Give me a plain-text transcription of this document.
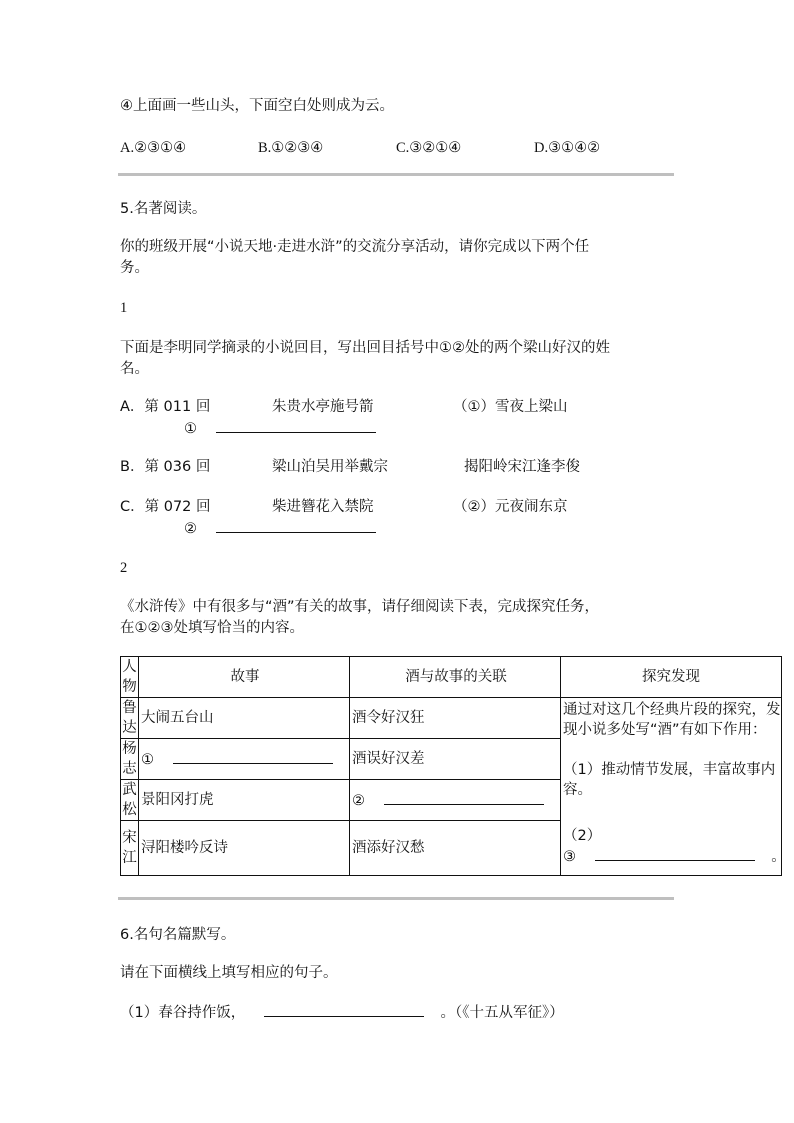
④上面画一些山头，下面空白处则成为云。
A.②③①④	B.①②③④	C.③②①④	D.③①④②
5.名著阅读。
你的班级开展“小说天地·走进水浒”的交流分享活动，请你完成以下两个任
务。
1
下面是李明同学摘录的小说回目，写出回目括号中①②处的两个梁山好汉的姓
名。
A．第 011 回	朱贵水亭施号箭	（①）雪夜上梁山
①
B．第 036 回	梁山泊吴用举戴宗	揭阳岭宋江逢李俊
C．第 072 回	柴进簪花入禁院	（②）元夜闹东京
②
2
《水浒传》中有很多与“酒”有关的故事，请仔细阅读下表，完成探究任务，
在①②③处填写恰当的内容。
人物	故事	酒与故事的关联	探究发现
鲁达	大闹五台山	酒令好汉狂	通过对这几个经典片段的探究，发现小说多处写“酒”有如下作用：

（1）推动情节发展，丰富故事内容。

（2）

③ 。

杨志	①	酒误好汉差	
武松	景阳冈打虎	②	
宋江	浔阳楼吟反诗	酒添好汉愁	
6.名句名篇默写。
请在下面横线上填写相应的句子。
（1）春谷持作饭，	。（《十五从军征》）
